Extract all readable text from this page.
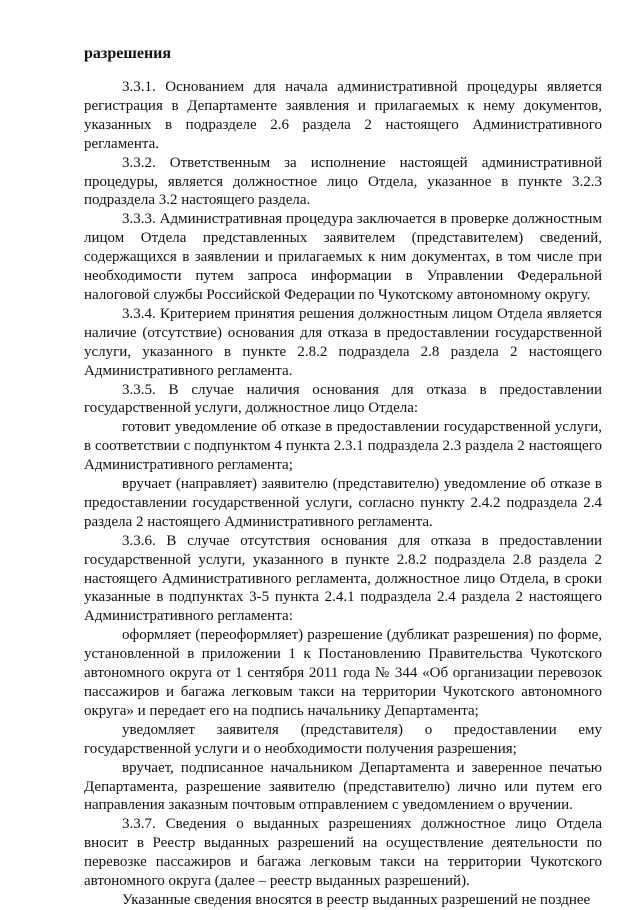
разрешения

3.3.1. Основанием для начала административной процедуры является регистрация в Департаменте заявления и прилагаемых к нему документов, указанных в подразделе 2.6 раздела 2 настоящего Административного регламента.

3.3.2. Ответственным за исполнение настоящей административной процедуры, является должностное лицо Отдела, указанное в пункте 3.2.3 подраздела 3.2 настоящего раздела.

3.3.3. Административная процедура заключается в проверке должностным лицом Отдела представленных заявителем (представителем) сведений, содержащихся в заявлении и прилагаемых к ним документах, в том числе при необходимости путем запроса информации в Управлении Федеральной налоговой службы Российской Федерации по Чукотскому автономному округу.

3.3.4. Критерием принятия решения должностным лицом Отдела является наличие (отсутствие) основания для отказа в предоставлении государственной услуги, указанного в пункте 2.8.2 подраздела 2.8 раздела 2 настоящего Административного регламента.

3.3.5. В случае наличия основания для отказа в предоставлении государственной услуги, должностное лицо Отдела:

готовит уведомление об отказе в предоставлении государственной услуги, в соответствии с подпунктом 4 пункта 2.3.1 подраздела 2.3 раздела 2 настоящего Административного регламента;

вручает (направляет) заявителю (представителю) уведомление об отказе в предоставлении государственной услуги, согласно пункту 2.4.2 подраздела 2.4 раздела 2 настоящего Административного регламента.

3.3.6. В случае отсутствия основания для отказа в предоставлении государственной услуги, указанного в пункте 2.8.2 подраздела 2.8 раздела 2 настоящего Административного регламента, должностное лицо Отдела, в сроки указанные в подпунктах 3-5 пункта 2.4.1 подраздела 2.4 раздела 2 настоящего Административного регламента:

оформляет (переоформляет) разрешение (дубликат разрешения) по форме, установленной в приложении 1 к Постановлению Правительства Чукотского автономного округа от 1 сентября 2011 года № 344 «Об организации перевозок пассажиров и багажа легковым такси на территории Чукотского автономного округа» и передает его на подпись начальнику Департамента;

уведомляет заявителя (представителя) о предоставлении ему государственной услуги и о необходимости получения разрешения;

вручает, подписанное начальником Департамента и заверенное печатью Департамента, разрешение заявителю (представителю) лично или путем его направления заказным почтовым отправлением с уведомлением о вручении.

3.3.7. Сведения о выданных разрешениях должностное лицо Отдела вносит в Реестр выданных разрешений на осуществление деятельности по перевозке пассажиров и багажа легковым такси на территории Чукотского автономного округа (далее – реестр выданных разрешений).

Указанные сведения вносятся в реестр выданных разрешений не позднее
